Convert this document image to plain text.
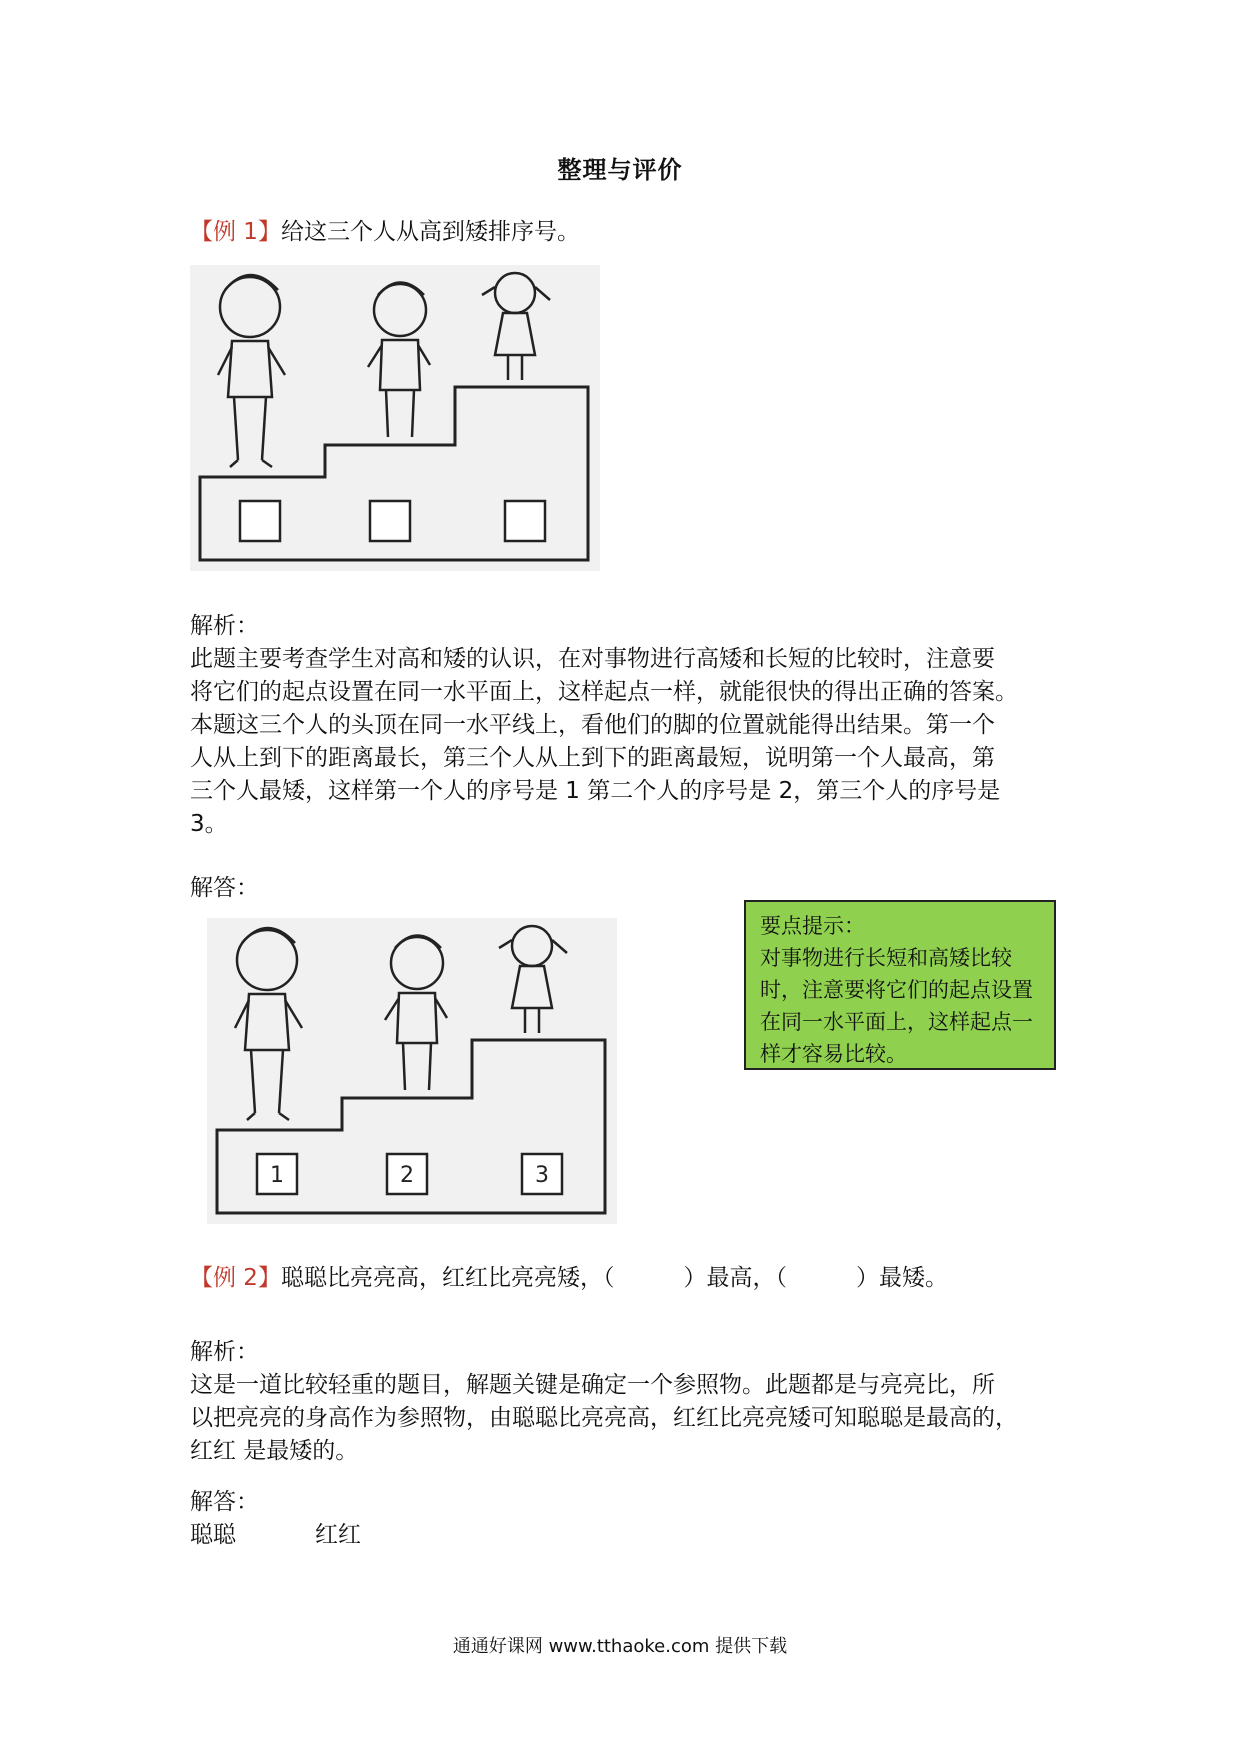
整理与评价
【例 1】给这三个人从高到矮排序号。
解析：

此题主要考查学生对高和矮的认识，在对事物进行高矮和长短的比较时，注意要

将它们的起点设置在同一水平面上，这样起点一样，就能很快的得出正确的答案。

本题这三个人的头顶在同一水平线上，看他们的脚的位置就能得出结果。第一个

人从上到下的距离最长，第三个人从上到下的距离最短，说明第一个人最高，第

三个人最矮，这样第一个人的序号是 1 第二个人的序号是 2，第三个人的序号是

3。

解答：
1	2	3

要点提示：

对事物进行长短和高矮比较

时，注意要将它们的起点设置

在同一水平面上，这样起点一

样才容易比较。

【例 2】聪聪比亮亮高，红红比亮亮矮，（　　　）最高，（　　　）最矮。
解析：

这是一道比较轻重的题目，解题关键是确定一个参照物。此题都是与亮亮比，所

以把亮亮的身高作为参照物，由聪聪比亮亮高，红红比亮亮矮可知聪聪是最高的，

红红 是最矮的。

解答：
聪聪	红红
通通好课网 www.tthaoke.com 提供下载
